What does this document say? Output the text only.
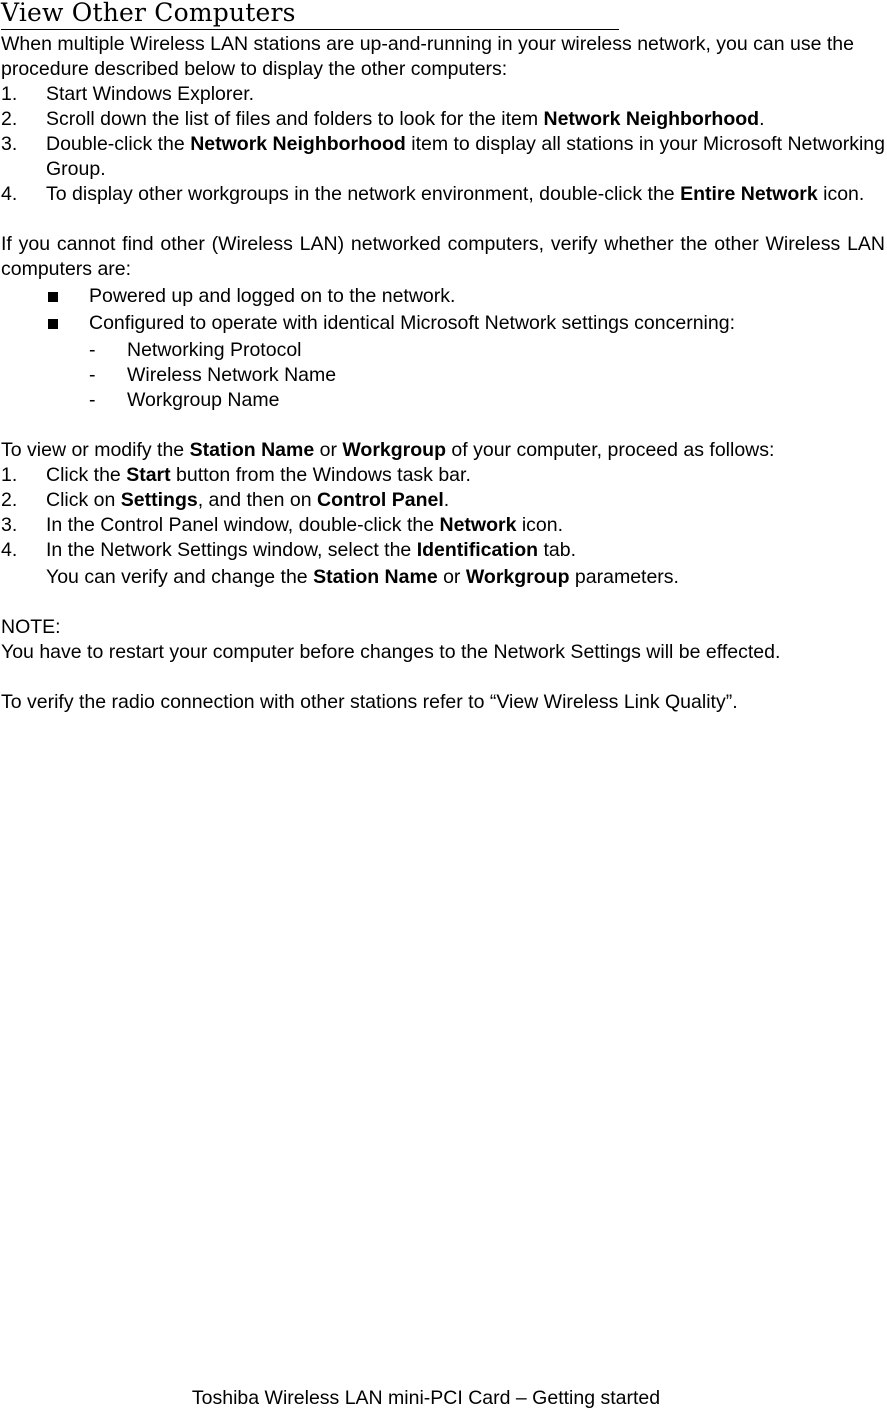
View Other Computers

When multiple Wireless LAN stations are up-and-running in your wireless network, you can use the procedure described below to display the other computers:

1. Start Windows Explorer.
2. Scroll down the list of files and folders to look for the item Network Neighborhood.
3. Double-click the Network Neighborhood item to display all stations in your Microsoft Networking Group.
4. To display other workgroups in the network environment, double-click the Entire Network icon.

If you cannot find other (Wireless LAN) networked computers, verify whether the other Wireless LAN computers are:

Powered up and logged on to the network.
Configured to operate with identical Microsoft Network settings concerning:
- Networking Protocol
- Wireless Network Name
- Workgroup Name

To view or modify the Station Name or Workgroup of your computer, proceed as follows:

1. Click the Start button from the Windows task bar.
2. Click on Settings, and then on Control Panel.
3. In the Control Panel window, double-click the Network icon.
4. In the Network Settings window, select the Identification tab.

You can verify and change the Station Name or Workgroup parameters.

NOTE:

You have to restart your computer before changes to the Network Settings will be effected.

To verify the radio connection with other stations refer to “View Wireless Link Quality”.

Toshiba Wireless LAN mini-PCI Card – Getting started
